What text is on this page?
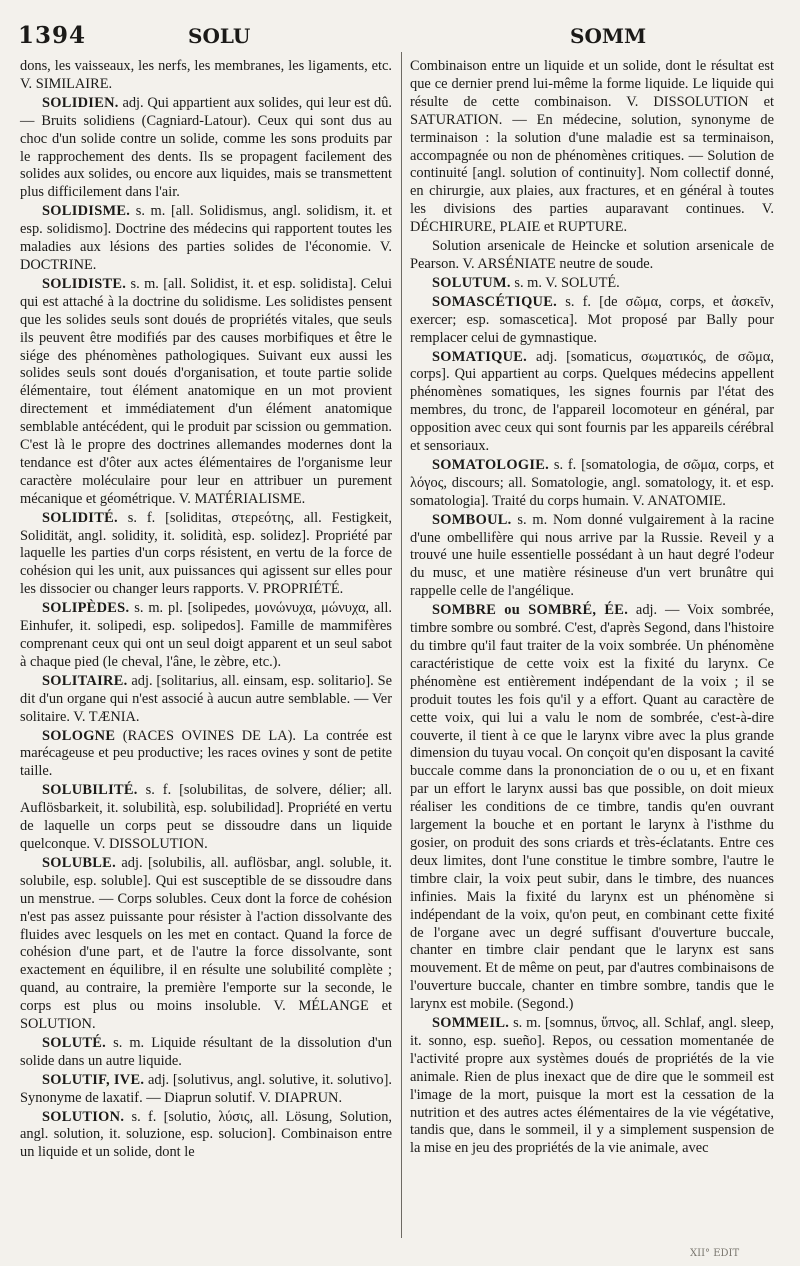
1394	SOLU	SOMM

dons, les vaisseaux, les nerfs, les membranes, les ligaments, etc. V. SIMILAIRE.

SOLIDIEN. adj. Qui appartient aux solides, qui leur est dû. — Bruits solidiens (Cagniard-Latour). Ceux qui sont dus au choc d'un solide contre un solide, comme les sons produits par le rapprochement des dents. Ils se propagent facilement des solides aux solides, ou encore aux liquides, mais se transmettent plus difficilement dans l'air.

SOLIDISME. s. m. [all. Solidismus, angl. solidism, it. et esp. solidismo]. Doctrine des médecins qui rapportent toutes les maladies aux lésions des parties solides de l'économie. V. DOCTRINE.

SOLIDISTE. s. m. [all. Solidist, it. et esp. solidista]. Celui qui est attaché à la doctrine du solidisme. Les solidistes pensent que les solides seuls sont doués de propriétés vitales, que seuls ils peuvent être modifiés par des causes morbifiques et être le siége des phénomènes pathologiques. Suivant eux aussi les solides seuls sont doués d'organisation, et toute partie solide élémentaire, tout élément anatomique en un mot provient directement et immédiatement d'un élément anatomique semblable antécédent, qui le produit par scission ou gemmation. C'est là le propre des doctrines allemandes modernes dont la tendance est d'ôter aux actes élémentaires de l'organisme leur caractère moléculaire pour leur en attribuer un purement mécanique et géométrique. V. MATÉRIALISME.

SOLIDITÉ. s. f. [soliditas, στερεότης, all. Festigkeit, Solidität, angl. solidity, it. solidità, esp. solidez]. Propriété par laquelle les parties d'un corps résistent, en vertu de la force de cohésion qui les unit, aux puissances qui agissent sur elles pour les dissocier ou changer leurs rapports. V. PROPRIÉTÉ.

SOLIPÈDES. s. m. pl. [solipedes, μονώνυχα, μώνυχα, all. Einhufer, it. solipedi, esp. solipedos]. Famille de mammifères comprenant ceux qui ont un seul doigt apparent et un seul sabot à chaque pied (le cheval, l'âne, le zèbre, etc.).

SOLITAIRE. adj. [solitarius, all. einsam, esp. solitario]. Se dit d'un organe qui n'est associé à aucun autre semblable. — Ver solitaire. V. TÆNIA.

SOLOGNE (RACES OVINES DE LA). La contrée est marécageuse et peu productive; les races ovines y sont de petite taille.

SOLUBILITÉ. s. f. [solubilitas, de solvere, délier; all. Auflösbarkeit, it. solubilità, esp. solubilidad]. Propriété en vertu de laquelle un corps peut se dissoudre dans un liquide quelconque. V. DISSOLUTION.

SOLUBLE. adj. [solubilis, all. auflösbar, angl. soluble, it. solubile, esp. soluble]. Qui est susceptible de se dissoudre dans un menstrue. — Corps solubles. Ceux dont la force de cohésion n'est pas assez puissante pour résister à l'action dissolvante des fluides avec lesquels on les met en contact. Quand la force de cohésion d'une part, et de l'autre la force dissolvante, sont exactement en équilibre, il en résulte une solubilité complète ; quand, au contraire, la première l'emporte sur la seconde, le corps est plus ou moins insoluble. V. MÉLANGE et SOLUTION.

SOLUTÉ. s. m. Liquide résultant de la dissolution d'un solide dans un autre liquide.

SOLUTIF, IVE. adj. [solutivus, angl. solutive, it. solutivo]. Synonyme de laxatif. — Diaprun solutif. V. DIAPRUN.

SOLUTION. s. f. [solutio, λύσις, all. Lösung, Solution, angl. solution, it. soluzione, esp. solucion]. Combinaison entre un liquide et un solide, dont le

Combinaison entre un liquide et un solide, dont le résultat est que ce dernier prend lui-même la forme liquide. Le liquide qui résulte de cette combinaison. V. DISSOLUTION et SATURATION. — En médecine, solution, synonyme de terminaison : la solution d'une maladie est sa terminaison, accompagnée ou non de phénomènes critiques. — Solution de continuité [angl. solution of continuity]. Nom collectif donné, en chirurgie, aux plaies, aux fractures, et en général à toutes les divisions des parties auparavant continues. V. DÉCHIRURE, PLAIE et RUPTURE.

Solution arsenicale de Heincke et solution arsenicale de Pearson. V. ARSÉNIATE neutre de soude.

SOLUTUM. s. m. V. SOLUTÉ.

SOMASCÉTIQUE. s. f. [de σῶμα, corps, et ἀσκεῖν, exercer; esp. somascetica]. Mot proposé par Bally pour remplacer celui de gymnastique.

SOMATIQUE. adj. [somaticus, σωματικός, de σῶμα, corps]. Qui appartient au corps. Quelques médecins appellent phénomènes somatiques, les signes fournis par l'état des membres, du tronc, de l'appareil locomoteur en général, par opposition avec ceux qui sont fournis par les appareils cérébral et sensoriaux.

SOMATOLOGIE. s. f. [somatologia, de σῶμα, corps, et λόγος, discours; all. Somatologie, angl. somatology, it. et esp. somatologia]. Traité du corps humain. V. ANATOMIE.

SOMBOUL. s. m. Nom donné vulgairement à la racine d'une ombellifère qui nous arrive par la Russie. Reveil y a trouvé une huile essentielle possédant à un haut degré l'odeur du musc, et une matière résineuse d'un vert brunâtre qui rappelle celle de l'angélique.

SOMBRE ou SOMBRÉ, ÉE. adj. — Voix sombrée, timbre sombre ou sombré. C'est, d'après Segond, dans l'histoire du timbre qu'il faut traiter de la voix sombrée. Un phénomène caractéristique de cette voix est la fixité du larynx. Ce phénomène est entièrement indépendant de la voix ; il se produit toutes les fois qu'il y a effort. Quant au caractère de cette voix, qui lui a valu le nom de sombrée, c'est-à-dire couverte, il tient à ce que le larynx vibre avec la plus grande dimension du tuyau vocal. On conçoit qu'en disposant la cavité buccale comme dans la prononciation de o ou u, et en fixant par un effort le larynx aussi bas que possible, on doit mieux réaliser les conditions de ce timbre, tandis qu'en ouvrant largement la bouche et en portant le larynx à l'isthme du gosier, on produit des sons criards et très-éclatants. Entre ces deux limites, dont l'une constitue le timbre sombre, l'autre le timbre clair, la voix peut subir, dans le timbre, des nuances infinies. Mais la fixité du larynx est un phénomène si indépendant de la voix, qu'on peut, en combinant cette fixité de l'organe avec un degré suffisant d'ouverture buccale, chanter en timbre clair pendant que le larynx est sans mouvement. Et de même on peut, par d'autres combinaisons de l'ouverture buccale, chanter en timbre sombre, tandis que le larynx est mobile. (Segond.)

SOMMEIL. s. m. [somnus, ὕπνος, all. Schlaf, angl. sleep, it. sonno, esp. sueño]. Repos, ou cessation momentanée de l'activité propre aux systèmes doués de propriétés de la vie animale. Rien de plus inexact que de dire que le sommeil est l'image de la mort, puisque la mort est la cessation de la nutrition et des autres actes élémentaires de la vie végétative, tandis que, dans le sommeil, il y a simplement suspension de la mise en jeu des propriétés de la vie animale, avec

XII° EDIT
